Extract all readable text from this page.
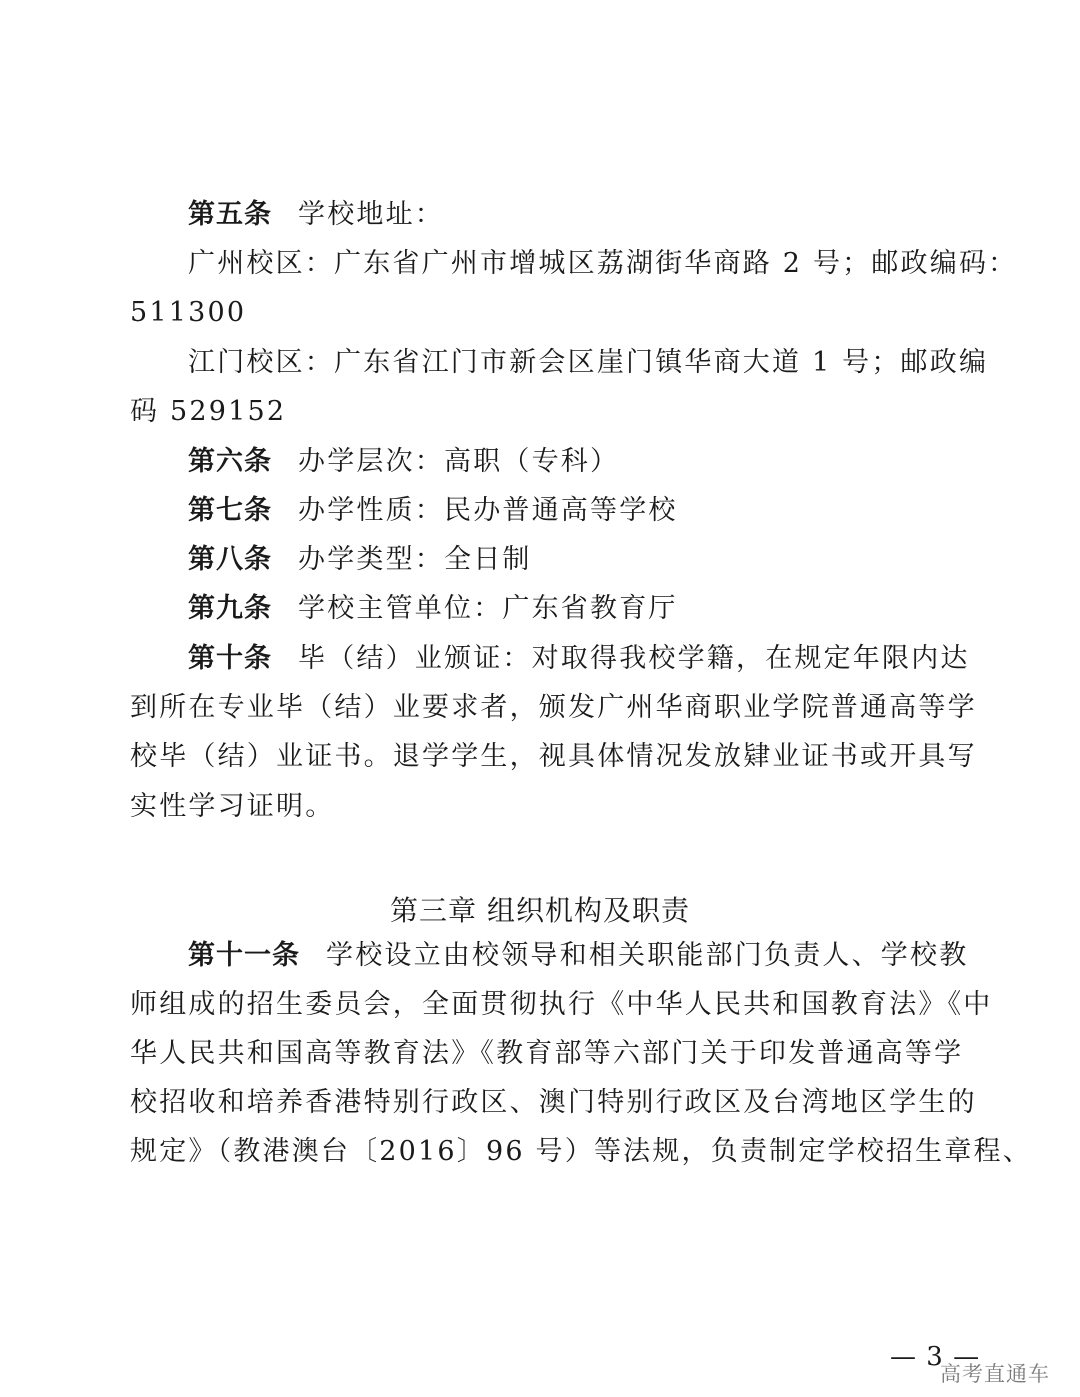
第五条 学校地址：
广州校区：广东省广州市增城区荔湖街华商路 2 号；邮政编码：
511300
江门校区：广东省江门市新会区崖门镇华商大道 1 号；邮政编
码 529152
第六条 办学层次：高职（专科）
第七条 办学性质：民办普通高等学校
第八条 办学类型：全日制
第九条 学校主管单位：广东省教育厅
第十条 毕（结）业颁证：对取得我校学籍，在规定年限内达
到所在专业毕（结）业要求者，颁发广州华商职业学院普通高等学
校毕（结）业证书。退学学生，视具体情况发放肄业证书或开具写
实性学习证明。
第三章 组织机构及职责
第十一条 学校设立由校领导和相关职能部门负责人、学校教
师组成的招生委员会，全面贯彻执行《中华人民共和国教育法》《中
华人民共和国高等教育法》《教育部等六部门关于印发普通高等学
校招收和培养香港特别行政区、澳门特别行政区及台湾地区学生的
规定》（教港澳台〔2016〕96 号）等法规，负责制定学校招生章程、
— 3 —
高考直通车
